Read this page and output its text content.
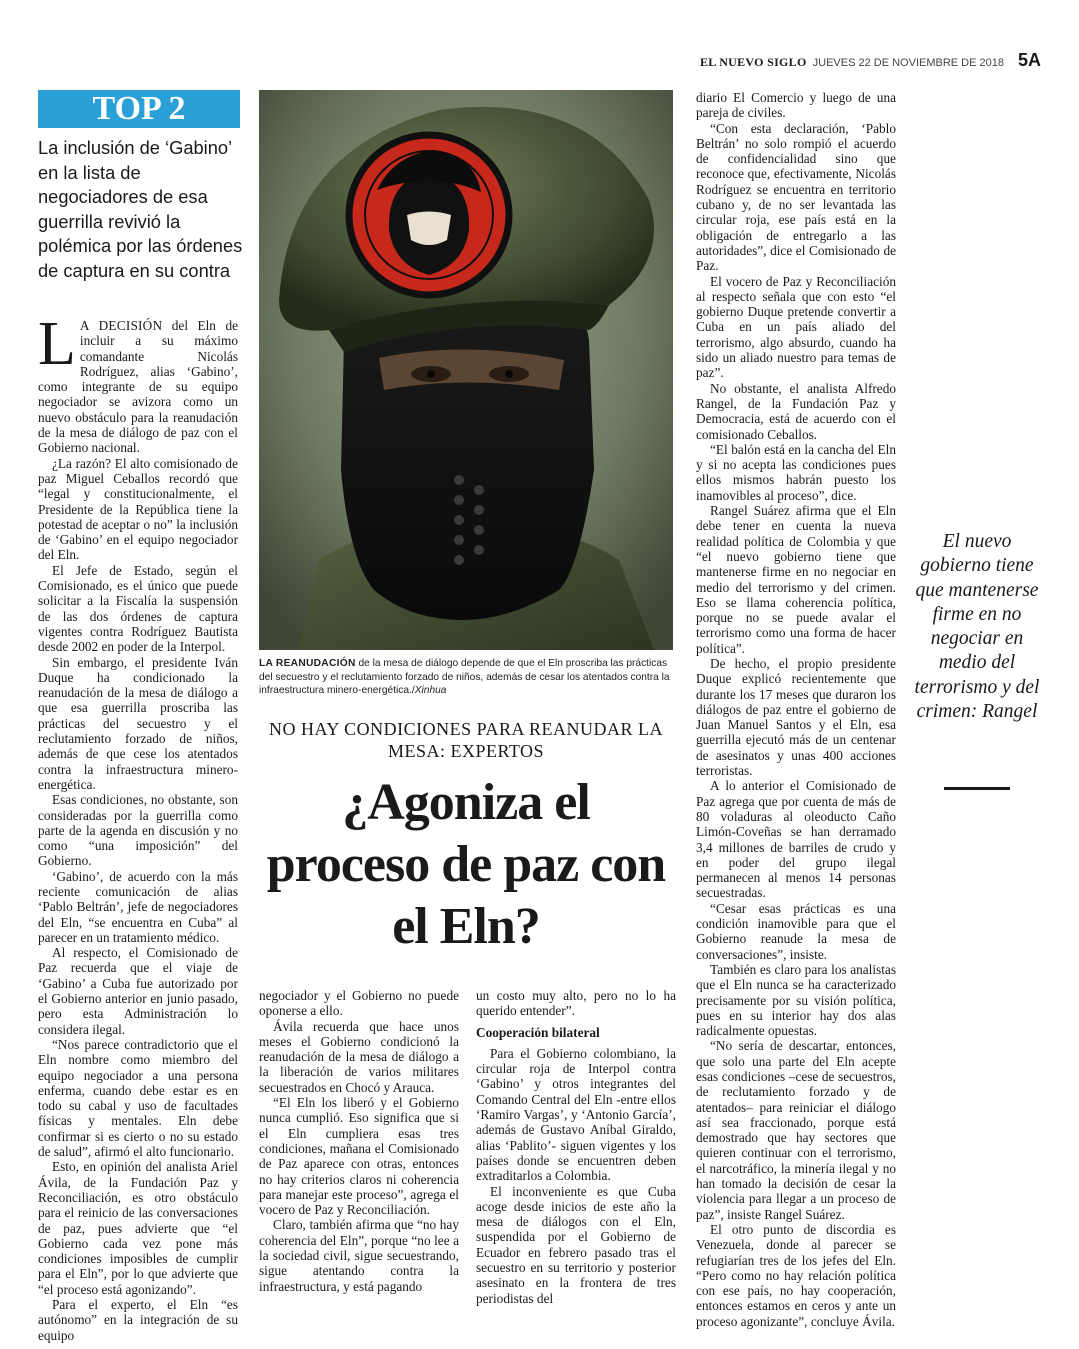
EL NUEVO SIGLO JUEVES 22 DE NOVIEMBRE DE 2018 5A
TOP 2
La inclusión de ‘Gabino’ en la lista de negociadores de esa guerrilla revivió la polémica por las órdenes de captura en su contra

L A DECISIÓN del Eln de incluir a su máximo comandante Nicolás Rodríguez, alias ‘Gabino’, como integrante de su equipo negociador se avizora como un nuevo obstáculo para la reanudación de la mesa de diálogo de paz con el Gobierno nacional.

¿La razón? El alto comisionado de paz Miguel Ceballos recordó que “legal y constitucionalmente, el Presidente de la República tiene la potestad de aceptar o no” la inclusión de ‘Gabino’ en el equipo negociador del Eln.

El Jefe de Estado, según el Comisionado, es el único que puede solicitar a la Fiscalía la suspensión de las dos órdenes de captura vigentes contra Rodríguez Bautista desde 2002 en poder de la Interpol.

Sin embargo, el presidente Iván Duque ha condicionado la reanudación de la mesa de diálogo a que esa guerrilla proscriba las prácticas del secuestro y el reclutamiento forzado de niños, además de que cese los atentados contra la infraestructura minero-energética.

Esas condiciones, no obstante, son consideradas por la guerrilla como parte de la agenda en discusión y no como “una imposición” del Gobierno.

‘Gabino’, de acuerdo con la más reciente comunicación de alias ‘Pablo Beltrán’, jefe de negociadores del Eln, “se encuentra en Cuba” al parecer en un tratamiento médico.

Al respecto, el Comisionado de Paz recuerda que el viaje de ‘Gabino’ a Cuba fue autorizado por el Gobierno anterior en junio pasado, pero esta Administración lo considera ilegal.

“Nos parece contradictorio que el Eln nombre como miembro del equipo negociador a una persona enferma, cuando debe estar es en todo su cabal y uso de facultades físicas y mentales. Eln debe confirmar si es cierto o no su estado de salud”, afirmó el alto funcionario.

Esto, en opinión del analista Ariel Ávila, de la Fundación Paz y Reconciliación, es otro obstáculo para el reinicio de las conversaciones de paz, pues advierte que “el Gobierno cada vez pone más condiciones imposibles de cumplir para el Eln”, por lo que advierte que “el proceso está agonizando”.

Para el experto, el Eln “es autónomo” en la integración de su equipo

LA REANUDACIÓN de la mesa de diálogo depende de que el Eln proscriba las prácticas del secuestro y el reclutamiento forzado de niños, además de cesar los atentados contra la infraestructura minero-energética./Xinhua
NO HAY CONDICIONES PARA REANUDAR LA MESA: EXPERTOS
¿Agoniza el proceso de paz con el Eln?

negociador y el Gobierno no puede oponerse a ello.

Ávila recuerda que hace unos meses el Gobierno condicionó la reanudación de la mesa de diálogo a la liberación de varios militares secuestrados en Chocó y Arauca.

“El Eln los liberó y el Gobierno nunca cumplió. Eso significa que si el Eln cumpliera esas tres condiciones, mañana el Comisionado de Paz aparece con otras, entonces no hay criterios claros ni coherencia para manejar este proceso”, agrega el vocero de Paz y Reconciliación.

Claro, también afirma que “no hay coherencia del Eln”, porque “no lee a la sociedad civil, sigue secuestrando, sigue atentando contra la infraestructura, y está pagando

un costo muy alto, pero no lo ha querido entender”.

Cooperación bilateral

Para el Gobierno colombiano, la circular roja de Interpol contra ‘Gabino’ y otros integrantes del Comando Central del Eln -entre ellos ‘Ramiro Vargas’, y ‘Antonio García’, además de Gustavo Aníbal Giraldo, alias ‘Pablito’- siguen vigentes y los países donde se encuentren deben extraditarlos a Colombia.

El inconveniente es que Cuba acoge desde inicios de este año la mesa de diálogos con el Eln, suspendida por el Gobierno de Ecuador en febrero pasado tras el secuestro en su territorio y posterior asesinato en la frontera de tres periodistas del

diario El Comercio y luego de una pareja de civiles.

“Con esta declaración, ‘Pablo Beltrán’ no solo rompió el acuerdo de confidencialidad sino que reconoce que, efectivamente, Nicolás Rodríguez se encuentra en territorio cubano y, de no ser levantada las circular roja, ese país está en la obligación de entregarlo a las autoridades”, dice el Comisionado de Paz.

El vocero de Paz y Reconciliación al respecto señala que con esto “el gobierno Duque pretende convertir a Cuba en un país aliado del terrorismo, algo absurdo, cuando ha sido un aliado nuestro para temas de paz”.

No obstante, el analista Alfredo Rangel, de la Fundación Paz y Democracia, está de acuerdo con el comisionado Ceballos.

“El balón está en la cancha del Eln y si no acepta las condiciones pues ellos mismos habrán puesto los inamovibles al proceso”, dice.

Rangel Suárez afirma que el Eln debe tener en cuenta la nueva realidad política de Colombia y que “el nuevo gobierno tiene que mantenerse firme en no negociar en medio del terrorismo y del crimen. Eso se llama coherencia política, porque no se puede avalar el terrorismo como una forma de hacer política”.

De hecho, el propio presidente Duque explicó recientemente que durante los 17 meses que duraron los diálogos de paz entre el gobierno de Juan Manuel Santos y el Eln, esa guerrilla ejecutó más de un centenar de asesinatos y unas 400 acciones terroristas.

A lo anterior el Comisionado de Paz agrega que por cuenta de más de 80 voladuras al oleoducto Caño Limón-Coveñas se han derramado 3,4 millones de barriles de crudo y en poder del grupo ilegal permanecen al menos 14 personas secuestradas.

“Cesar esas prácticas es una condición inamovible para que el Gobierno reanude la mesa de conversaciones”, insiste.

También es claro para los analistas que el Eln nunca se ha caracterizado precisamente por su visión política, pues en su interior hay dos alas radicalmente opuestas.

“No sería de descartar, entonces, que solo una parte del Eln acepte esas condiciones –cese de secuestros, de reclutamiento forzado y de atentados– para reiniciar el diálogo así sea fraccionado, porque está demostrado que hay sectores que quieren continuar con el terrorismo, el narcotráfico, la minería ilegal y no han tomado la decisión de cesar la violencia para llegar a un proceso de paz”, insiste Rangel Suárez.

El otro punto de discordia es Venezuela, donde al parecer se refugiarían tres de los jefes del Eln. “Pero como no hay relación política con ese país, no hay cooperación, entonces estamos en ceros y ante un proceso agonizante”, concluye Ávila.

El nuevo gobierno tiene que mantenerse firme en no negociar en medio del terrorismo y del crimen: Rangel
